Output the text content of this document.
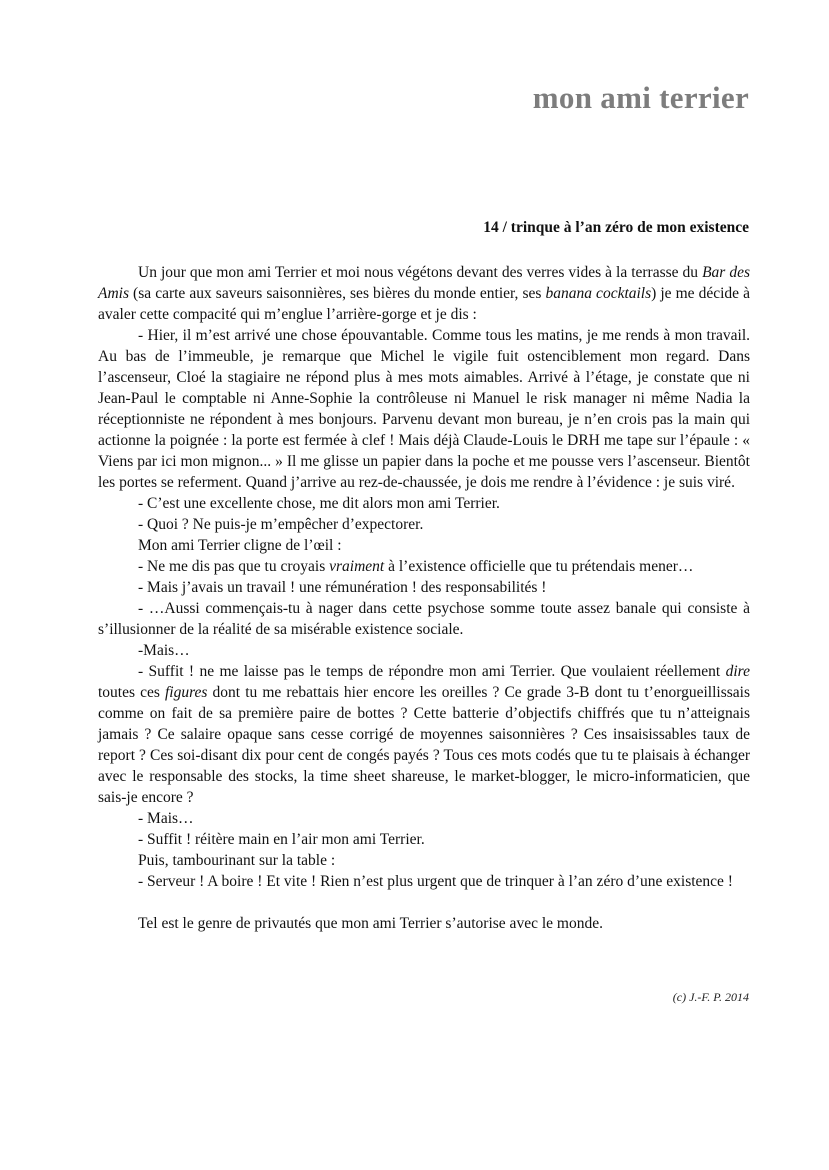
mon ami terrier
14 / trinque à l’an zéro de mon existence

Un jour que mon ami Terrier et moi nous végétons devant des verres vides à la terrasse du Bar des Amis (sa carte aux saveurs saisonnières, ses bières du monde entier, ses banana cocktails) je me décide à avaler cette compacité qui m’englue l’arrière-gorge et je dis :

- Hier, il m’est arrivé une chose épouvantable. Comme tous les matins, je me rends à mon travail. Au bas de l’immeuble, je remarque que Michel le vigile fuit ostenciblement mon regard. Dans l’ascenseur, Cloé la stagiaire ne répond plus à mes mots aimables. Arrivé à l’étage, je constate que ni Jean-Paul le comptable ni Anne-Sophie la contrôleuse ni Manuel le risk manager ni même Nadia la réceptionniste ne répondent à mes bonjours. Parvenu devant mon bureau, je n’en crois pas la main qui actionne la poignée : la porte est fermée à clef ! Mais déjà Claude-Louis le DRH me tape sur l’épaule : « Viens par ici mon mignon... » Il me glisse un papier dans la poche et me pousse vers l’ascenseur. Bientôt les portes se referment. Quand j’arrive au rez-de-chaussée, je dois me rendre à l’évidence : je suis viré.

- C’est une excellente chose, me dit alors mon ami Terrier.

- Quoi ? Ne puis-je m’empêcher d’expectorer.

Mon ami Terrier cligne de l’œil :

- Ne me dis pas que tu croyais vraiment à l’existence officielle que tu prétendais mener…

- Mais j’avais un travail ! une rémunération ! des responsabilités !

- …Aussi commençais-tu à nager dans cette psychose somme toute assez banale qui consiste à s’illusionner de la réalité de sa misérable existence sociale.

-Mais…

- Suffit ! ne me laisse pas le temps de répondre mon ami Terrier. Que voulaient réellement dire toutes ces figures dont tu me rebattais hier encore les oreilles ? Ce grade 3-B dont tu t’enorgueillissais comme on fait de sa première paire de bottes ? Cette batterie d’objectifs chiffrés que tu n’atteignais jamais ? Ce salaire opaque sans cesse corrigé de moyennes saisonnières ? Ces insaisissables taux de report ? Ces soi-disant dix pour cent de congés payés ? Tous ces mots codés que tu te plaisais à échanger avec le responsable des stocks, la time sheet shareuse, le market-blogger, le micro-informaticien, que sais-je encore ?

- Mais…

- Suffit ! réitère main en l’air mon ami Terrier.

Puis, tambourinant sur la table :

- Serveur ! A boire ! Et vite ! Rien n’est plus urgent que de trinquer à l’an zéro d’une existence !

Tel est le genre de privautés que mon ami Terrier s’autorise avec le monde.

(c) J.-F. P. 2014
